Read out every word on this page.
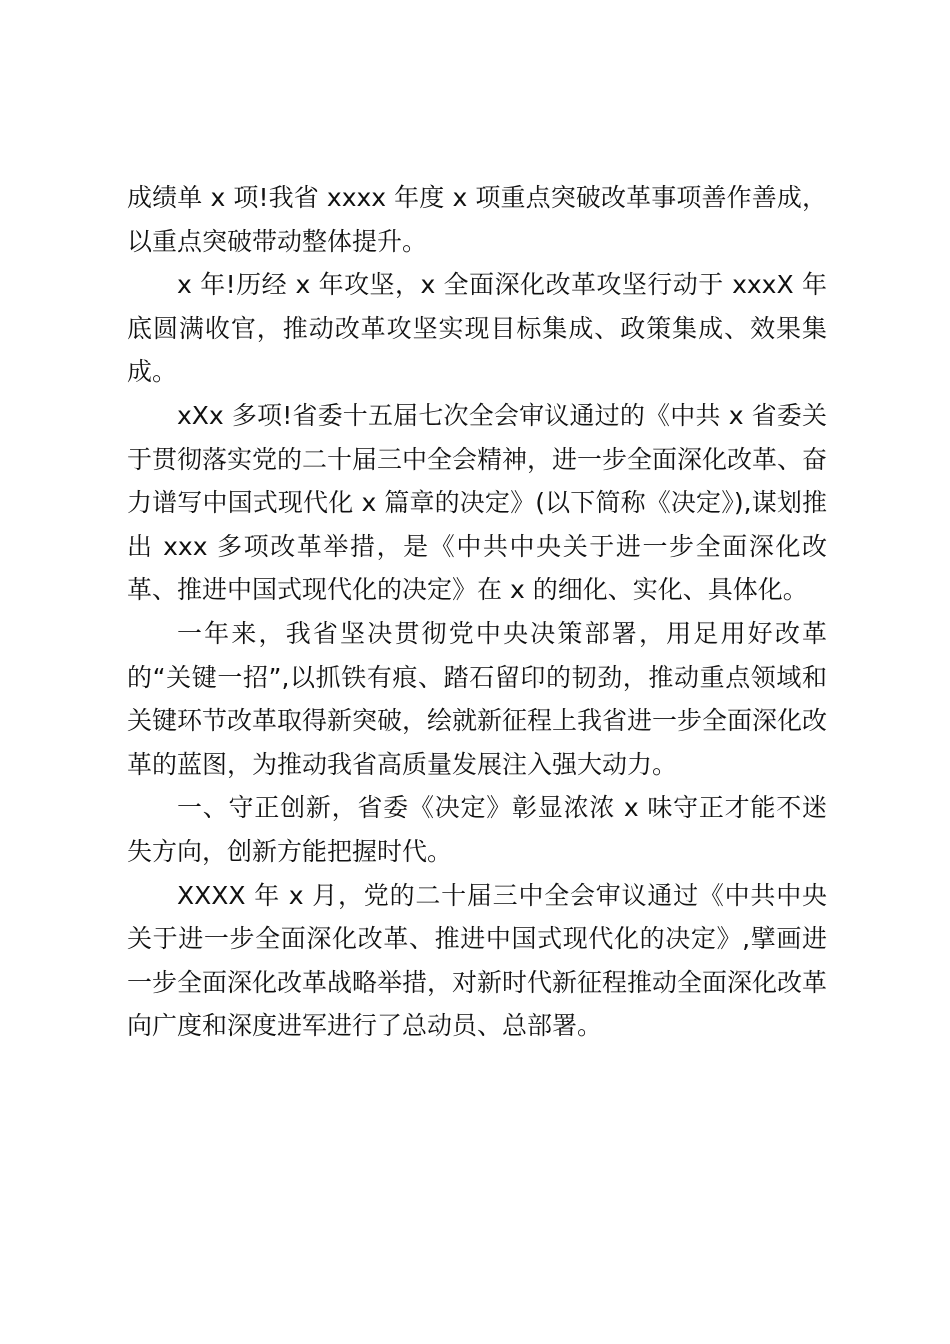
成绩单 x 项!我省 xxxx 年度 x 项重点突破改革事项善作善成，以重点突破带动整体提升。

x 年!历经 x 年攻坚，x 全面深化改革攻坚行动于 xxxX 年底圆满收官，推动改革攻坚实现目标集成、政策集成、效果集成。

xXx 多项!省委十五届七次全会审议通过的《中共 x 省委关于贯彻落实党的二十届三中全会精神，进一步全面深化改革、奋力谱写中国式现代化 x 篇章的决定》(以下简称《决定》),谋划推出 xxx 多项改革举措，是《中共中央关于进一步全面深化改革、推进中国式现代化的决定》在 x 的细化、实化、具体化。

一年来，我省坚决贯彻党中央决策部署，用足用好改革的“关键一招”,以抓铁有痕、踏石留印的韧劲，推动重点领域和关键环节改革取得新突破，绘就新征程上我省进一步全面深化改革的蓝图，为推动我省高质量发展注入强大动力。

一、守正创新，省委《决定》彰显浓浓 x 味守正才能不迷失方向，创新方能把握时代。

XXXX 年 x 月，党的二十届三中全会审议通过《中共中央关于进一步全面深化改革、推进中国式现代化的决定》,擘画进一步全面深化改革战略举措，对新时代新征程推动全面深化改革向广度和深度进军进行了总动员、总部署。
